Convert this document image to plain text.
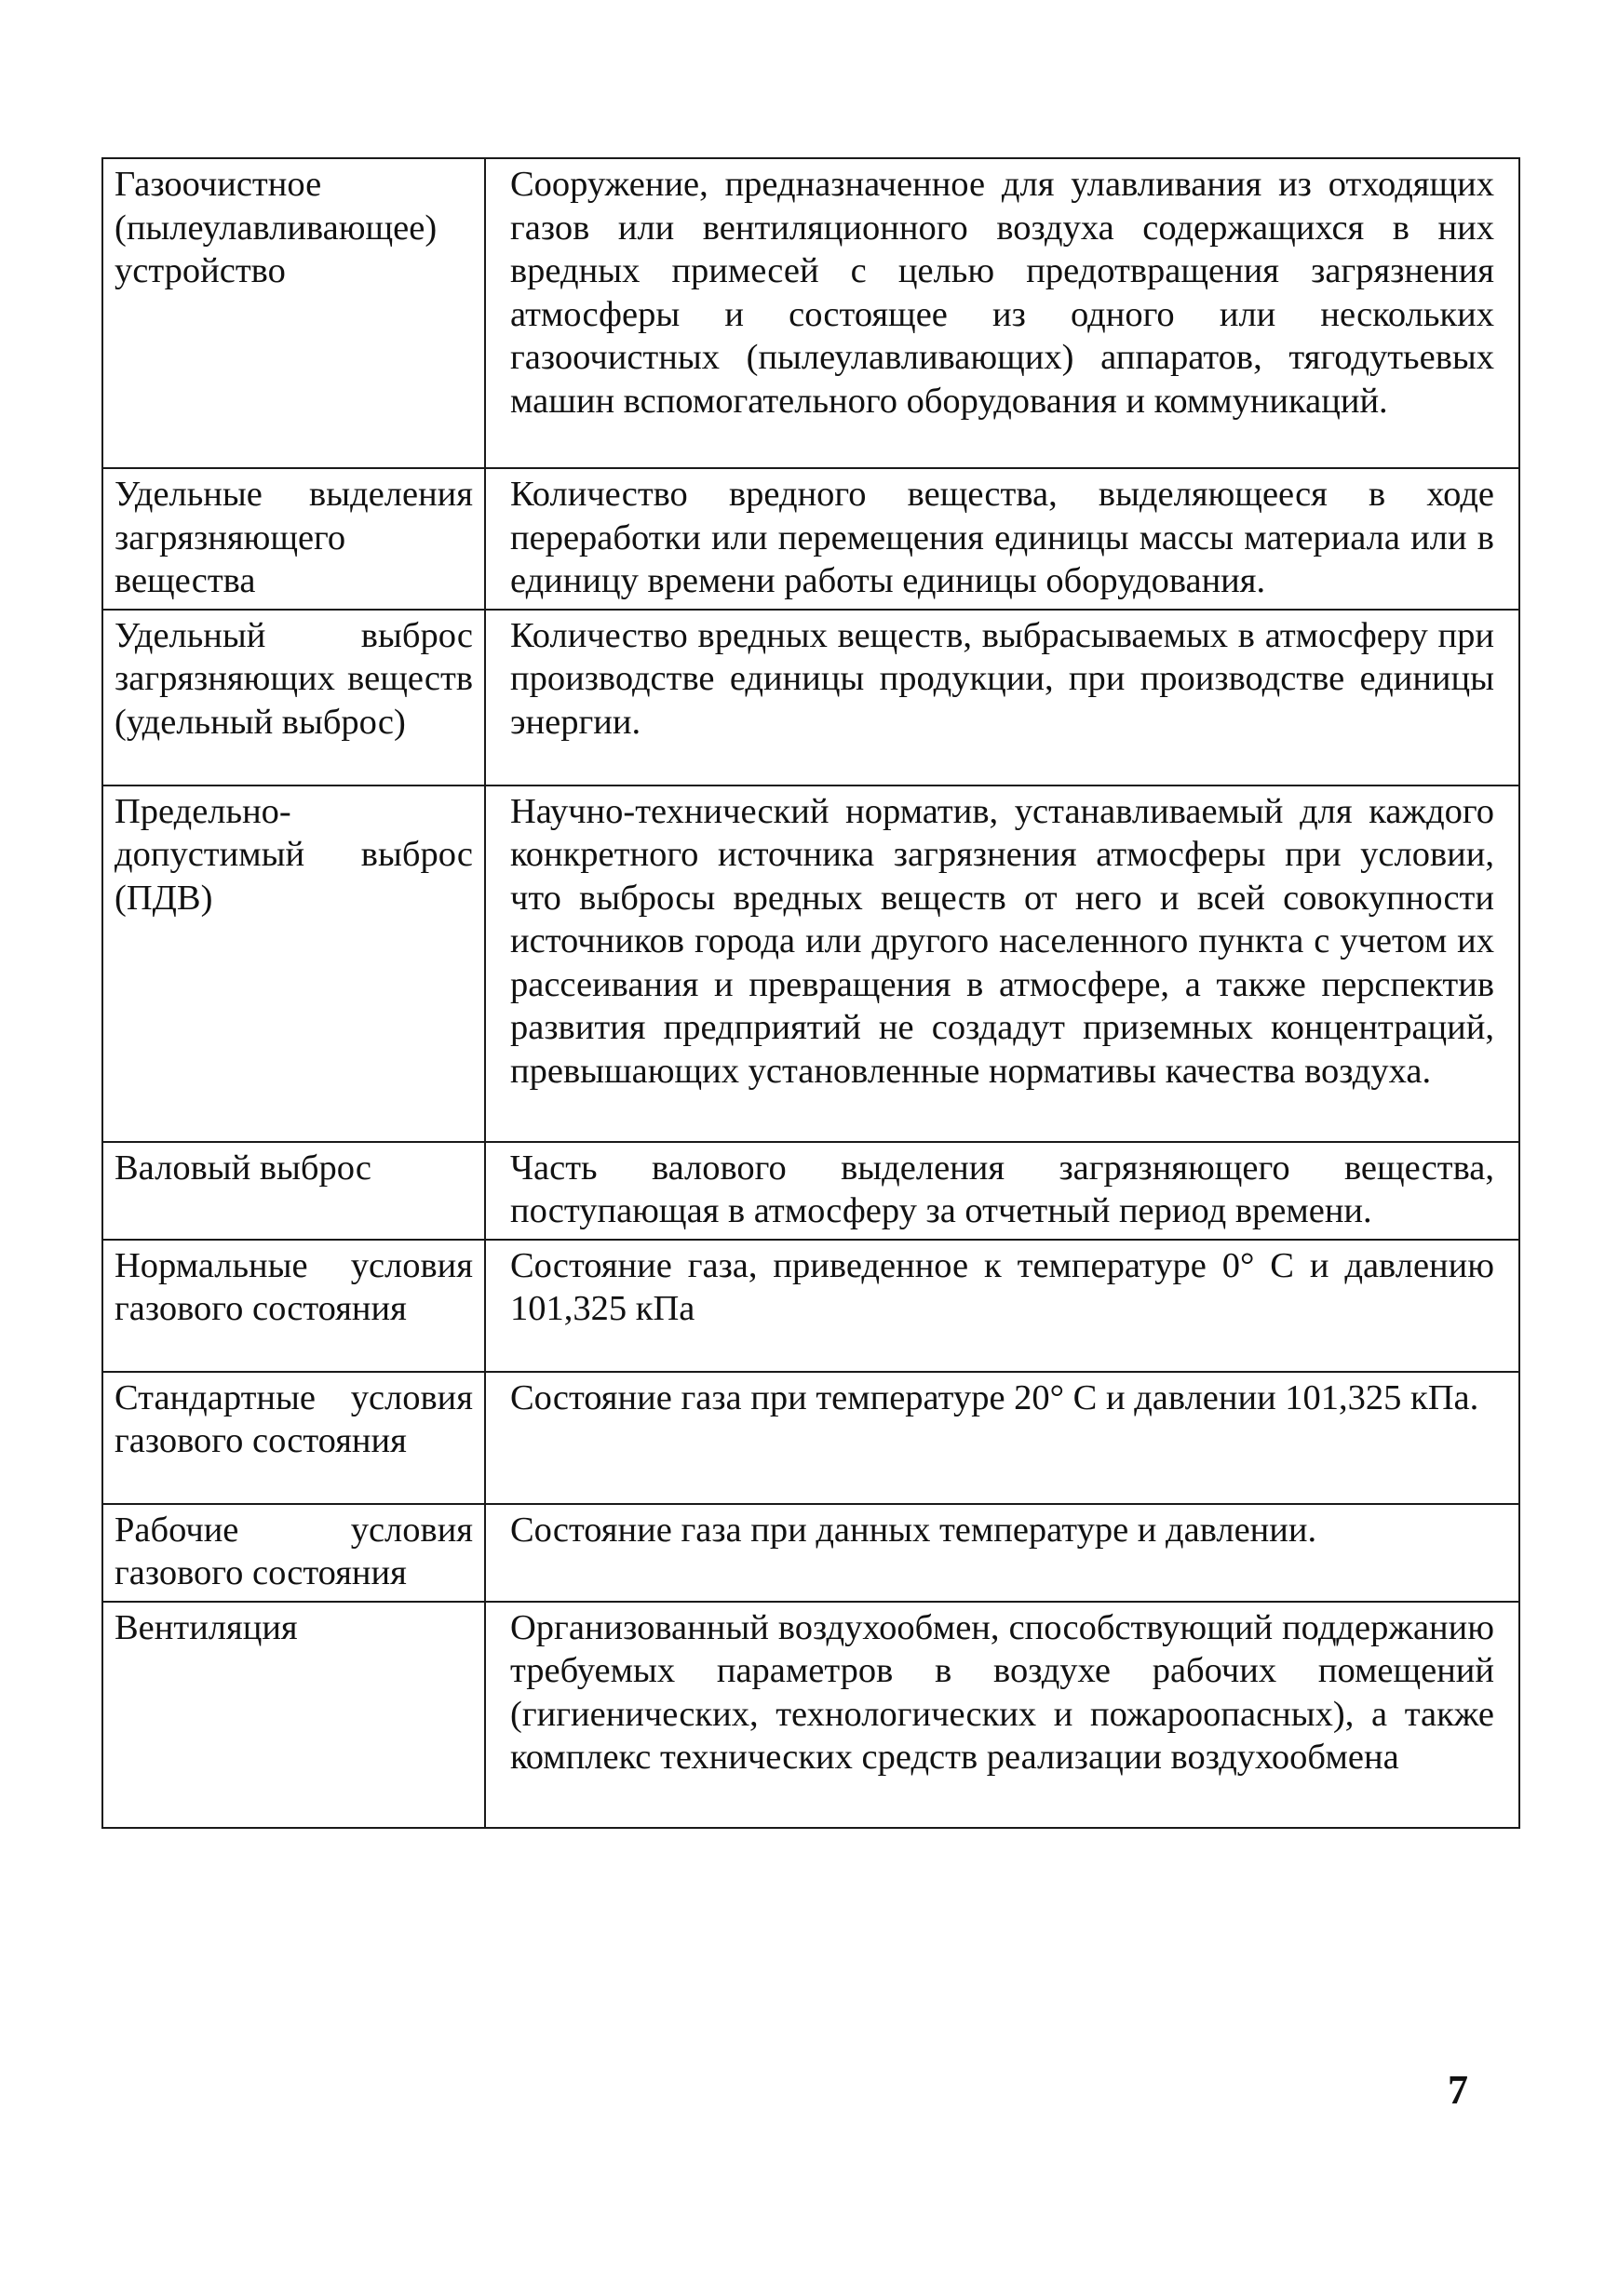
Газоочистное (пылеулавливающее) устройство	Сооружение, предназначенное для улавливания из отходящих газов или вентиляционного воздуха содержащихся в них вредных примесей с целью предотвращения загрязнения атмосферы и состоящее из одного или нескольких газоочистных (пылеулавливающих) аппаратов, тягодутьевых машин вспомогательного оборудования и коммуникаций.
Удельные выделения загрязняющего вещества	Количество вредного вещества, выделяющееся в ходе переработки или перемещения единицы массы материала или в единицу времени работы единицы оборудования.
Удельный выброс загрязняющих веществ (удельный выброс)	Количество вредных веществ, выбрасываемых в атмосферу при производстве единицы продукции, при производстве единицы энергии.
Предельно-допустимый выброс (ПДВ)	Научно-технический норматив, устанавливаемый для каждого конкретного источника загрязнения атмосферы при условии, что выбросы вредных веществ от него и всей совокупности источников города или другого населенного пункта с учетом их рассеивания и превращения в атмосфере, а также перспектив развития предприятий не создадут приземных концентраций, превышающих установленные нормативы качества воздуха.
Валовый выброс	Часть валового выделения загрязняющего вещества, поступающая в атмосферу за отчетный период времени.
Нормальные условия газового состояния	Состояние газа, приведенное к температуре 0° С и давлению 101,325 кПа
Стандартные условия газового состояния	Состояние газа при температуре 20° С и давлении 101,325 кПа.
Рабочие условия газового состояния	Состояние газа при данных температуре и давлении.
Вентиляция	Организованный воздухообмен, способствующий поддержанию требуемых параметров в воздухе рабочих помещений (гигиенических, технологических и пожароопасных), а также комплекс технических средств реализации воздухообмена
7
